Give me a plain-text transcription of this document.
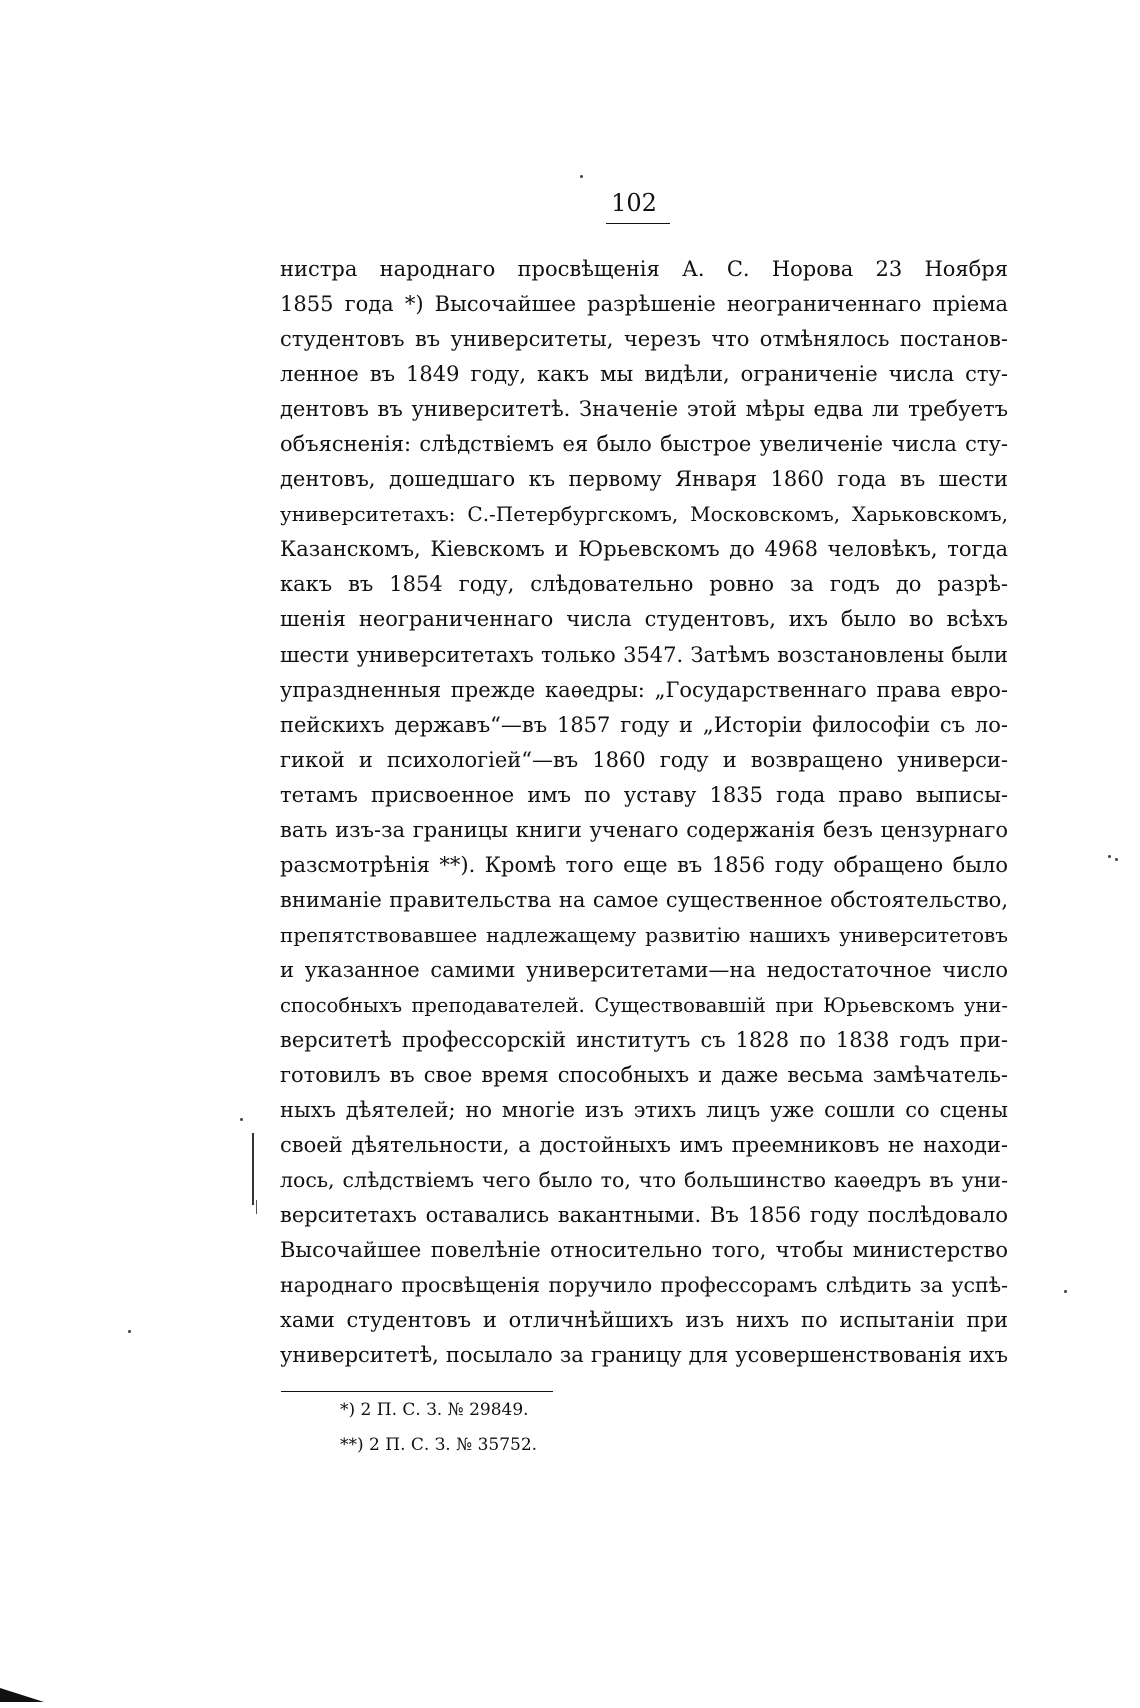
102
нистра народнаго просвѣщенія А. С. Норова 23 Ноября
1855 года *) Высочайшее разрѣшеніе неограниченнаго пріема
студентовъ въ университеты, черезъ что отмѣнялось постанов-
ленное въ 1849 году, какъ мы видѣли, ограниченіе числа сту-
дентовъ въ университетѣ. Значеніе этой мѣры едва ли требуетъ
объясненія: слѣдствіемъ ея было быстрое увеличеніе числа сту-
дентовъ, дошедшаго къ первому Января 1860 года въ шести
университетахъ: С.-Петербургскомъ, Московскомъ, Харьковскомъ,
Казанскомъ, Кіевскомъ и Юрьевскомъ до 4968 человѣкъ, тогда
какъ въ 1854 году, слѣдовательно ровно за годъ до разрѣ-
шенія неограниченнаго числа студентовъ, ихъ было во всѣхъ
шести университетахъ только 3547. Затѣмъ возстановлены были
упраздненныя прежде каѳедры: „Государственнаго права евро-
пейскихъ державъ“—въ 1857 году и „Исторіи философіи съ ло-
гикой и психологіей“—въ 1860 году и возвращено универси-
тетамъ присвоенное имъ по уставу 1835 года право выписы-
вать изъ-за границы книги ученаго содержанія безъ цензурнаго
разсмотрѣнія **). Кромѣ того еще въ 1856 году обращено было
вниманіе правительства на самое существенное обстоятельство,
препятствовавшее надлежащему развитію нашихъ университетовъ
и указанное самими университетами—на недостаточное число
способныхъ преподавателей. Существовавшій при Юрьевскомъ уни-
верситетѣ профессорскій институтъ съ 1828 по 1838 годъ при-
готовилъ въ свое время способныхъ и даже весьма замѣчатель-
ныхъ дѣятелей; но многіе изъ этихъ лицъ уже сошли со сцены
своей дѣятельности, а достойныхъ имъ преемниковъ не находи-
лось, слѣдствіемъ чего было то, что большинство каѳедръ въ уни-
верситетахъ оставались вакантными. Въ 1856 году послѣдовало
Высочайшее повелѣніе относительно того, чтобы министерство
народнаго просвѣщенія поручило профессорамъ слѣдить за успѣ-
хами студентовъ и отличнѣйшихъ изъ нихъ по испытаніи при
университетѣ, посылало за границу для усовершенствованія ихъ
*) 2 П. С. З. № 29849.
**) 2 П. С. З. № 35752.
